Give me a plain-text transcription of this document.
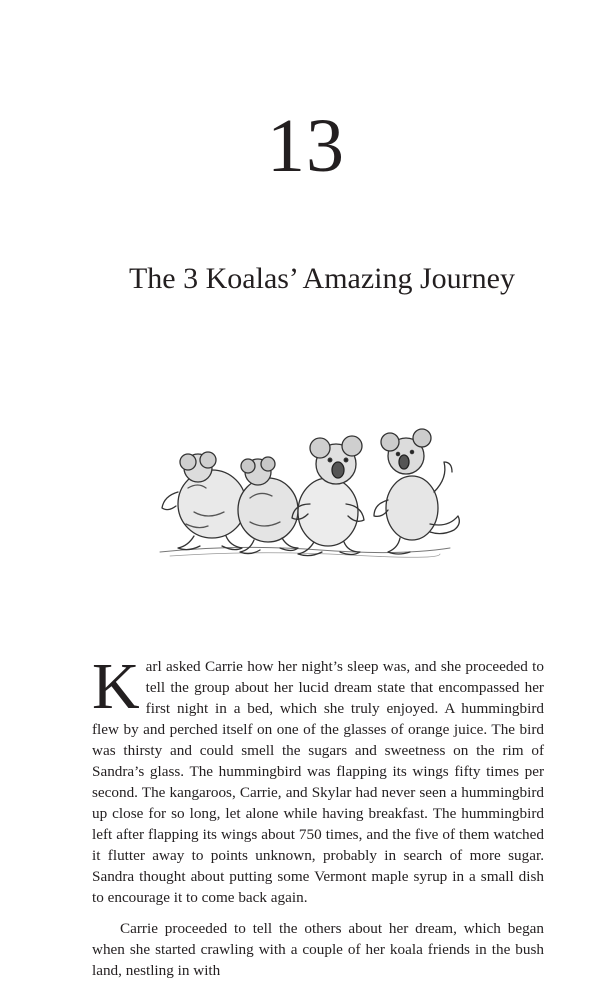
13
The 3 Koalas’ Amazing Journey

Karl asked Carrie how her night’s sleep was, and she proceeded to tell the group about her lucid dream state that encompassed her first night in a bed, which she truly enjoyed. A hummingbird flew by and perched itself on one of the glasses of orange juice. The bird was thirsty and could smell the sugars and sweetness on the rim of Sandra’s glass. The hummingbird was flapping its wings fifty times per second. The kangaroos, Carrie, and Skylar had never seen a hummingbird up close for so long, let alone while having breakfast. The hummingbird left after flapping its wings about 750 times, and the five of them watched it flutter away to points unknown, probably in search of more sugar. Sandra thought about putting some Vermont maple syrup in a small dish to encourage it to come back again.

Carrie proceeded to tell the others about her dream, which began when she started crawling with a couple of her koala friends in the bush land, nestling in with
